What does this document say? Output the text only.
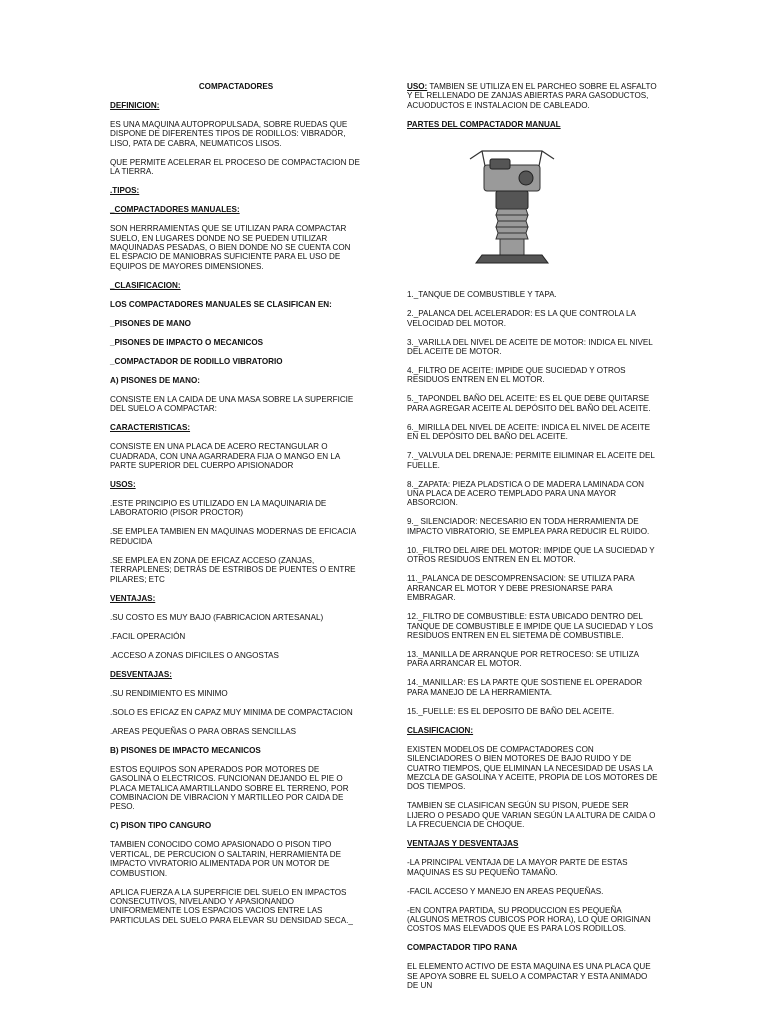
COMPACTADORES

DEFINICION:

ES UNA MAQUINA AUTOPROPULSADA, SOBRE RUEDAS QUE DISPONE DE DIFERENTES TIPOS DE RODILLOS: VIBRADOR, LISO, PATA DE CABRA, NEUMATICOS LISOS.

QUE PERMITE ACELERAR EL PROCESO DE COMPACTACION DE LA TIERRA.

.TIPOS:

_COMPACTADORES MANUALES:

SON HERRRAMIENTAS QUE SE UTILIZAN PARA COMPACTAR SUELO, EN LUGARES DONDE NO SE PUEDEN UTILIZAR MAQUINADAS PESADAS, O BIEN DONDE NO SE CUENTA CON EL ESPACIO DE MANIOBRAS SUFICIENTE PARA EL USO DE EQUIPOS DE MAYORES DIMENSIONES.

_CLASIFICACION:

LOS COMPACTADORES MANUALES SE CLASIFICAN EN:

_PISONES DE MANO

_PISONES DE IMPACTO O MECANICOS

_COMPACTADOR DE RODILLO VIBRATORIO

A) PISONES DE MANO:

CONSISTE EN LA CAIDA DE UNA MASA SOBRE LA SUPERFICIE DEL SUELO A COMPACTAR:

CARACTERISTICAS:

CONSISTE EN UNA PLACA DE ACERO RECTANGULAR O CUADRADA, CON UNA AGARRADERA FIJA O MANGO EN LA PARTE SUPERIOR DEL CUERPO APISIONADOR

USOS:

.ESTE PRINCIPIO ES UTILIZADO EN LA MAQUINARIA DE LABORATORIO (PISOR PROCTOR)

.SE EMPLEA TAMBIEN EN MAQUINAS MODERNAS DE EFICACIA REDUCIDA

.SE EMPLEA EN ZONA DE EFICAZ ACCESO (ZANJAS, TERRAPLENES; DETRÁS DE ESTRIBOS DE PUENTES O ENTRE PILARES; ETC

VENTAJAS:

.SU COSTO ES MUY BAJO (FABRICACION ARTESANAL)

.FACIL OPERACIÓN

.ACCESO A ZONAS DIFICILES O ANGOSTAS

DESVENTAJAS:

.SU RENDIMIENTO ES MINIMO

.SOLO ES EFICAZ EN CAPAZ MUY MINIMA DE COMPACTACION

.AREAS PEQUEÑAS O PARA OBRAS SENCILLAS

B) PISONES DE IMPACTO MECANICOS

ESTOS EQUIPOS SON APERADOS POR MOTORES DE GASOLINA O ELECTRICOS. FUNCIONAN DEJANDO EL PIE O PLACA METALICA AMARTILLANDO SOBRE EL TERRENO, POR COMBINACION DE VIBRACION Y MARTILLEO POR CAIDA DE PESO.

C) PISON TIPO CANGURO

TAMBIEN CONOCIDO COMO APASIONADO O PISON TIPO VERTICAL, DE PERCUCION O SALTARIN, HERRAMIENTA DE IMPACTO VIVRATORIO ALIMENTADA POR UN MOTOR DE COMBUSTION.

APLICA FUERZA A LA SUPERFICIE DEL SUELO EN IMPACTOS CONSECUTIVOS, NIVELANDO Y APASIONANDO UNIFORMEMENTE LOS ESPACIOS VACIOS ENTRE LAS PARTICULAS DEL SUELO PARA ELEVAR SU DENSIDAD SECA._

USO: TAMBIEN SE UTILIZA EN EL PARCHEO SOBRE EL ASFALTO Y EL RELLENADO DE ZANJAS ABIERTAS PARA GASODUCTOS, ACUODUCTOS E INSTALACION DE CABLEADO.

PARTES DEL COMPACTADOR MANUAL

1._TANQUE DE COMBUSTIBLE Y TAPA.

2._PALANCA DEL ACELERADOR: ES LA QUE CONTROLA LA VELOCIDAD DEL MOTOR.

3._VARILLA DEL NIVEL DE ACEITE DE MOTOR: INDICA EL NIVEL DEL ACEITE DE MOTOR.

4._FILTRO DE ACEITE: IMPIDE QUE SUCIEDAD Y OTROS RESIDUOS ENTREN EN EL MOTOR.

5._TAPONDEL BAÑO DEL ACEITE: ES EL QUE DEBE QUITARSE PARA AGREGAR ACEITE AL DEPÓSITO DEL BAÑO DEL ACEITE.

6._MIRILLA DEL NIVEL DE ACEITE: INDICA EL NIVEL DE ACEITE EN EL DEPÓSITO DEL BAÑO DEL ACEITE.

7._VALVULA DEL DRENAJE: PERMITE EILIMINAR EL ACEITE DEL FUELLE.

8._ZAPATA: PIEZA PLADSTICA O DE MADERA LAMINADA CON UNA PLACA DE ACERO TEMPLADO PARA UNA MAYOR ABSORCION.

9._ SILENCIADOR: NECESARIO EN TODA HERRAMIENTA DE IMPACTO VIBRATORIO, SE EMPLEA PARA REDUCIR EL RUIDO.

10._FILTRO DEL AIRE DEL MOTOR: IMPIDE QUE LA SUCIEDAD Y OTROS RESIDUOS ENTREN EN EL MOTOR.

11._PALANCA DE DESCOMPRENSACION: SE UTILIZA PARA ARRANCAR EL MOTOR Y DEBE PRESIONARSE PARA EMBRAGAR.

12._FILTRO DE COMBUSTIBLE: ESTA UBICADO DENTRO DEL TANQUE DE COMBUSTIBLE E IMPIDE QUE LA SUCIEDAD Y LOS RESIDUOS ENTREN EN EL SIETEMA DE COMBUSTIBLE.

13._MANILLA DE ARRANQUE POR RETROCESO: SE UTILIZA PARA ARRANCAR EL MOTOR.

14._MANILLAR: ES LA PARTE QUE SOSTIENE EL OPERADOR PARA MANEJO DE LA HERRAMIENTA.

15._FUELLE: ES EL DEPOSITO DE BAÑO DEL ACEITE.

CLASIFICACION:

EXISTEN MODELOS DE COMPACTADORES CON SILENCIADORES O BIEN MOTORES DE BAJO RUIDO Y DE CUATRO TIEMPOS, QUE ELIMINAN LA NECESIDAD DE USAS LA MEZCLA DE GASOLINA Y ACEITE, PROPIA DE LOS MOTORES DE DOS TIEMPOS.

TAMBIEN SE CLASIFICAN SEGÚN SU PISON, PUEDE SER LIJERO O PESADO QUE VARIAN SEGÚN LA ALTURA DE CAIDA O LA FRECUENCIA DE CHOQUE.

VENTAJAS Y DESVENTAJAS

-LA PRINCIPAL VENTAJA DE LA MAYOR PARTE DE ESTAS MAQUINAS ES SU PEQUEÑO TAMAÑO.

-FACIL ACCESO Y MANEJO EN AREAS PEQUEÑAS.

-EN CONTRA PARTIDA, SU PRODUCCION ES PEQUEÑA (ALGUNOS METROS CUBICOS POR HORA), LO QUE ORIGINAN COSTOS MAS ELEVADOS QUE ES PARA LOS RODILLOS.

COMPACTADOR TIPO RANA

EL ELEMENTO ACTIVO DE ESTA MAQUINA ES UNA PLACA QUE SE APOYA SOBRE EL SUELO A COMPACTAR Y ESTA ANIMADO DE UN
